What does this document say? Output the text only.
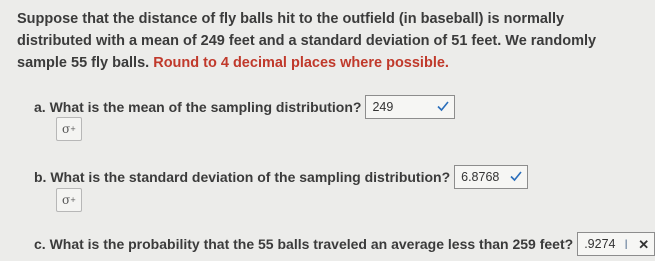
Suppose that the distance of fly balls hit to the outfield (in baseball) is normally distributed with a mean of 249 feet and a standard deviation of 51 feet. We randomly sample 55 fly balls. Round to 4 decimal places where possible.
a. What is the mean of the sampling distribution? 249
σ +
b. What is the standard deviation of the sampling distribution? 6.8768
σ +
c. What is the probability that the 55 balls traveled an average less than 259 feet? .9274 I ✕
